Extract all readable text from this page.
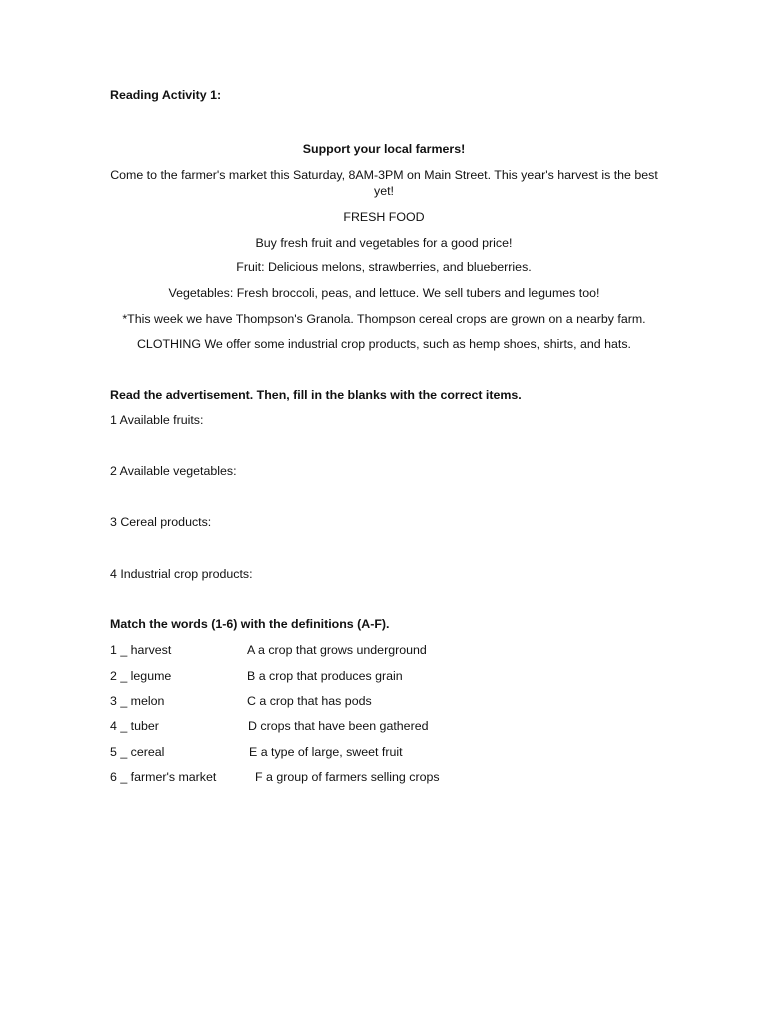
Reading Activity 1:
Support your local farmers!
Come to the farmer's market this Saturday, 8AM-3PM on Main Street. This year's harvest is the best yet!
FRESH FOOD
Buy fresh fruit and vegetables for a good price!
Fruit: Delicious melons, strawberries, and blueberries.
Vegetables: Fresh broccoli, peas, and lettuce. We sell tubers and legumes too!
*This week we have Thompson's Granola. Thompson cereal crops are grown on a nearby farm.
CLOTHING We offer some industrial crop products, such as hemp shoes, shirts, and hats.
Read the advertisement. Then, fill in the blanks with the correct items.
1 Available fruits:
2 Available vegetables:
3 Cereal products:
4 Industrial crop products:
Match the words (1-6) with the definitions (A-F).
1 _ harvest	A a crop that grows underground
2 _ legume	B a crop that produces grain
3 _ melon	C a crop that has pods
4 _ tuber	D crops that have been gathered
5 _ cereal	E a type of large, sweet fruit
6 _ farmer's market	F a group of farmers selling crops
